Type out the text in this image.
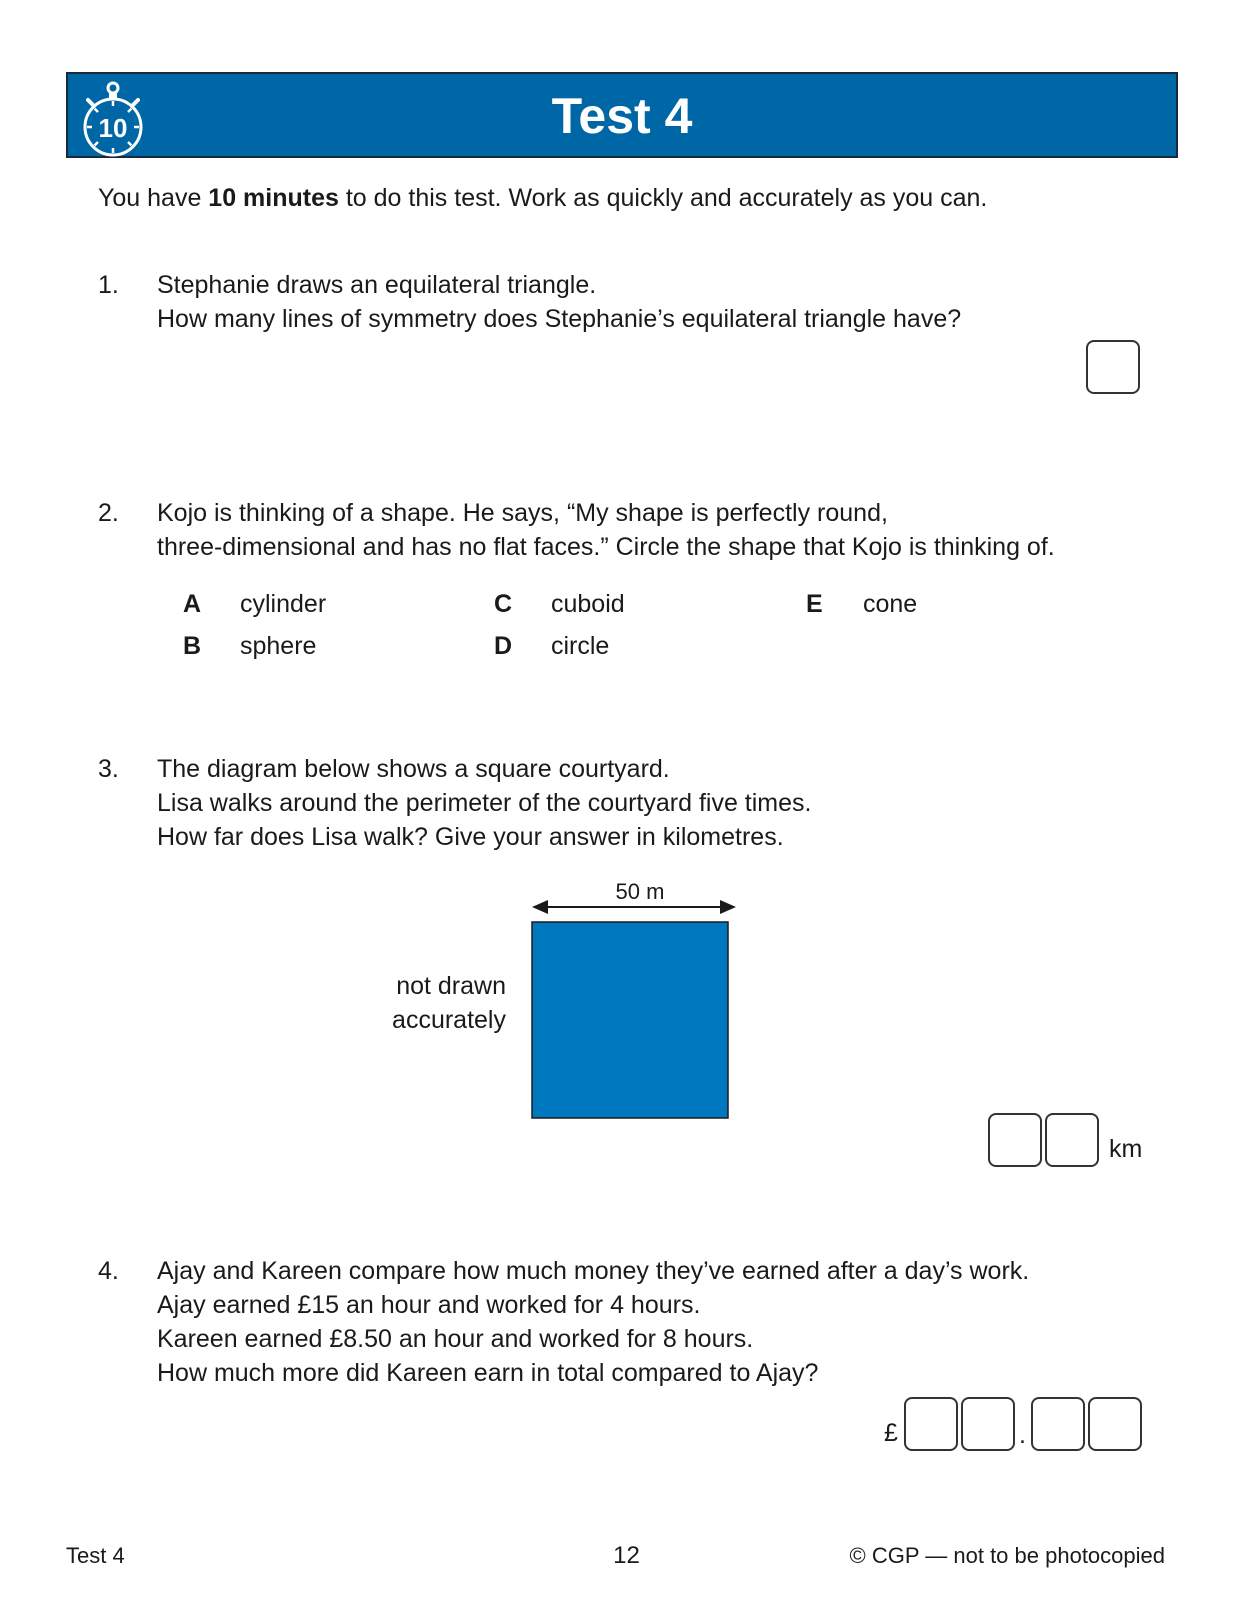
10	Test 4
You have 10 minutes to do this test. Work as quickly and accurately as you can.
1. Stephanie draws an equilateral triangle.
How many lines of symmetry does Stephanie’s equilateral triangle have?
2. Kojo is thinking of a shape. He says, “My shape is perfectly round,
three-dimensional and has no flat faces.” Circle the shape that Kojo is thinking of.
A cylinder
B sphere
C cuboid
D circle
E cone
3. The diagram below shows a square courtyard.
Lisa walks around the perimeter of the courtyard five times.
How far does Lisa walk? Give your answer in kilometres.
50 m
not drawn
accurately
km
4. Ajay and Kareen compare how much money they’ve earned after a day’s work.
Ajay earned £15 an hour and worked for 4 hours.
Kareen earned £8.50 an hour and worked for 8 hours.
How much more did Kareen earn in total compared to Ajay?
£	.
Test 4	12	© CGP — not to be photocopied
